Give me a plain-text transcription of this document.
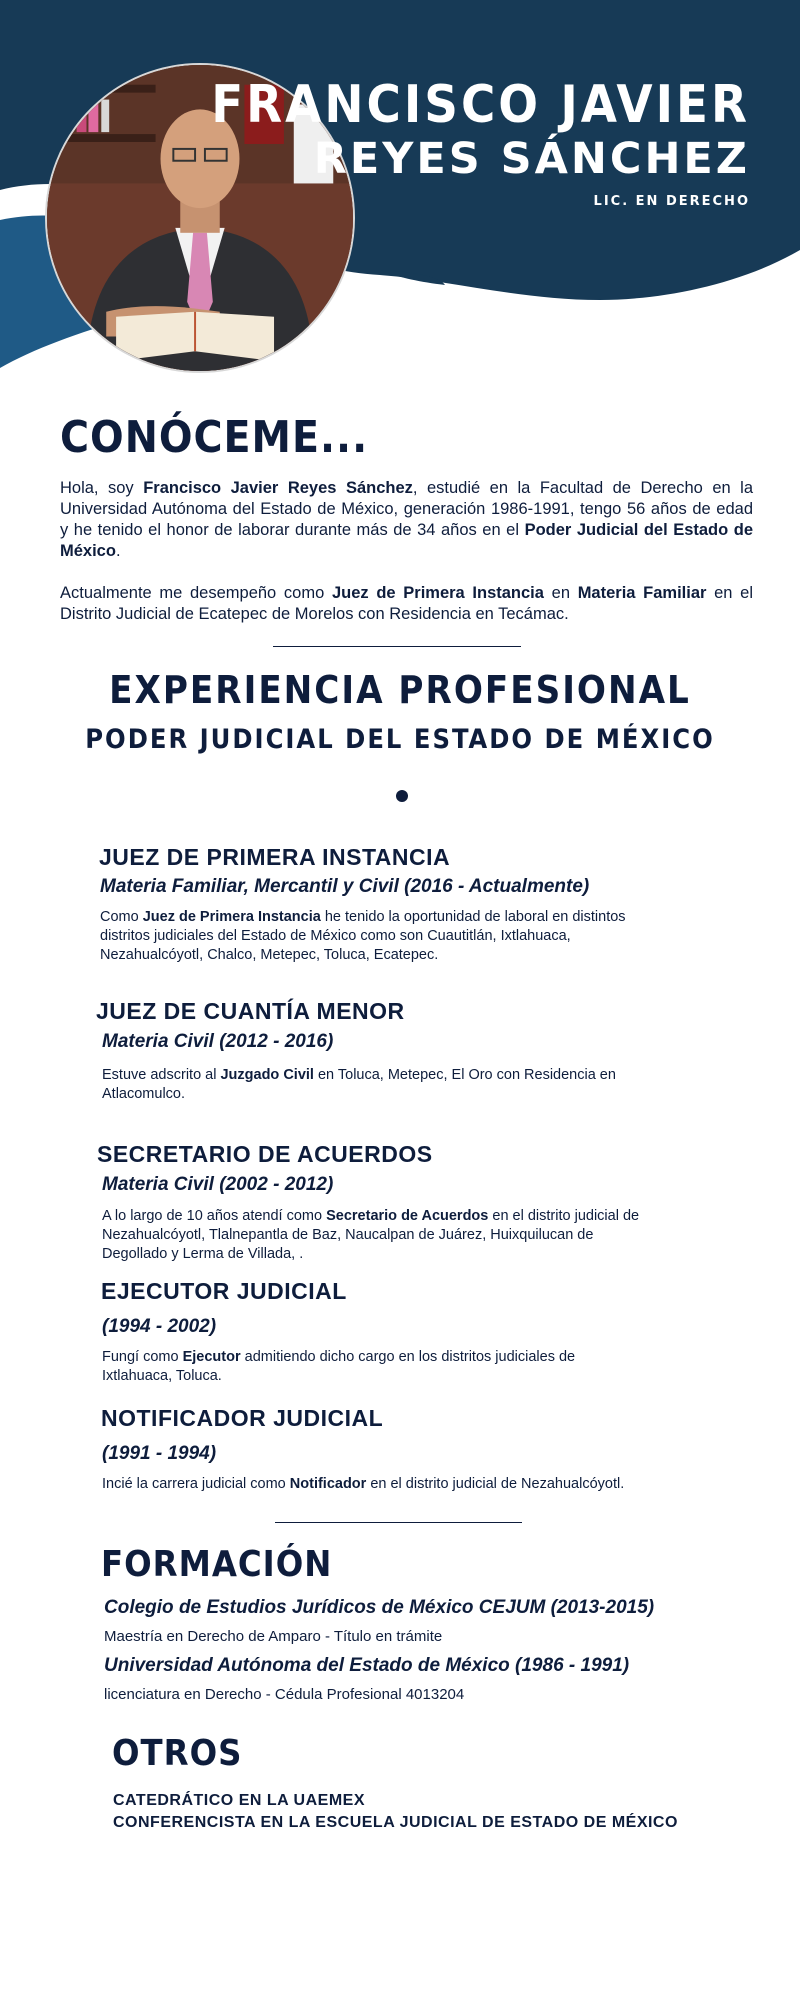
FRANCISCO JAVIER
REYES SÁNCHEZ
LIC. EN DERECHO
CONÓCEME...
Hola, soy Francisco Javier Reyes Sánchez, estudié en la Facultad de Derecho en la Universidad Autónoma del Estado de México, generación 1986-1991, tengo 56 años de edad y he tenido el honor de laborar durante más de 34 años en el Poder Judicial del Estado de México.
Actualmente me desempeño como Juez de Primera Instancia en Materia Familiar en el Distrito Judicial de Ecatepec de Morelos con Residencia en Tecámac.
EXPERIENCIA PROFESIONAL
PODER JUDICIAL DEL ESTADO DE MÉXICO
JUEZ DE PRIMERA INSTANCIA
Materia Familiar, Mercantil y Civil (2016 - Actualmente)
Como Juez de Primera Instancia he tenido la oportunidad de laboral en distintos distritos judiciales del Estado de México como son Cuautitlán, Ixtlahuaca, Nezahualcóyotl, Chalco, Metepec, Toluca, Ecatepec.
JUEZ DE CUANTÍA MENOR
Materia Civil (2012 - 2016)
Estuve adscrito al Juzgado Civil en Toluca, Metepec, El Oro con Residencia en Atlacomulco.
SECRETARIO DE ACUERDOS
Materia Civil (2002 - 2012)
A lo largo de 10 años atendí como Secretario de Acuerdos en el distrito judicial de Nezahualcóyotl, Tlalnepantla de Baz, Naucalpan de Juárez, Huixquilucan de Degollado y Lerma de Villada, .
EJECUTOR JUDICIAL
(1994 - 2002)
Fungí como Ejecutor admitiendo dicho cargo en los distritos judiciales de Ixtlahuaca, Toluca.
NOTIFICADOR JUDICIAL
(1991 - 1994)
Incié la carrera judicial como Notificador en el distrito judicial de Nezahualcóyotl.
FORMACIÓN
Colegio de Estudios Jurídicos de México CEJUM (2013-2015)
Maestría en Derecho de Amparo - Título en trámite
Universidad Autónoma del Estado de México (1986 - 1991)
licenciatura en Derecho - Cédula Profesional 4013204
OTROS
CATEDRÁTICO EN LA UAEMEX
CONFERENCISTA EN LA ESCUELA JUDICIAL DE ESTADO DE MÉXICO
